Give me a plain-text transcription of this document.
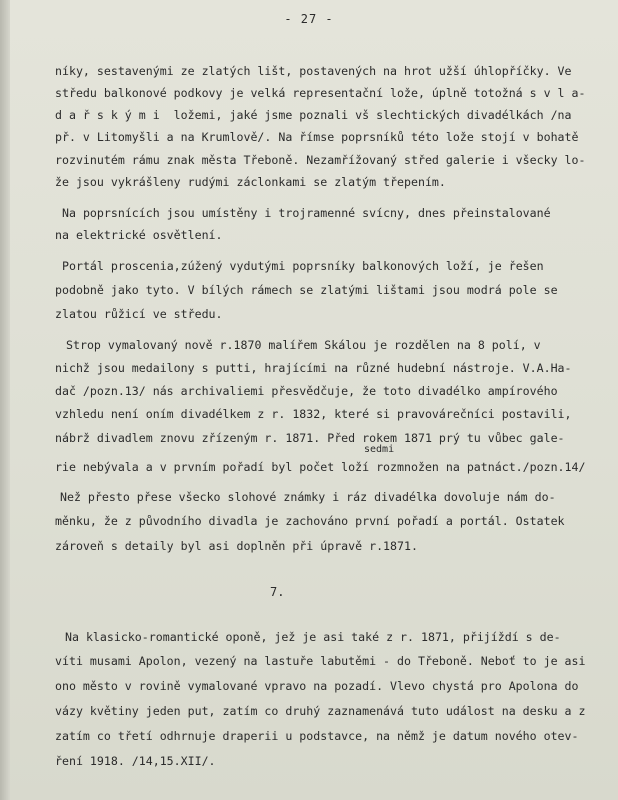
- 27 -
níky, sestavenými ze zlatých lišt, postavených na hrot užší úhlopříčky. Ve
středu balkonové podkovy je velká representační lože, úplně totožná s v l a-
d a ř s k ý m i  ložemi, jaké jsme poznali vš slechtických divadélkách /na
př. v Litomyšli a na Krumlově/. Na římse poprsníků této lože stojí v bohatě
rozvinutém rámu znak města Třeboně. Nezamřížovaný střed galerie i všecky lo-
že jsou vykrášleny rudými záclonkami se zlatým třepením.
Na poprsnících jsou umístěny i trojramenné svícny, dnes přeinstalované
na elektrické osvětlení.
Portál proscenia,zúžený vydutými poprsníky balkonových loží, je řešen
podobně jako tyto. V bílých rámech se zlatými lištami jsou modrá pole se
zlatou růžicí ve středu.
Strop vymalovaný nově r.1870 malířem Skálou je rozdělen na 8 polí, v
nichž jsou medailony s putti, hrajícími na různé hudební nástroje. V.A.Ha-
dač /pozn.13/ nás archivaliemi přesvědčuje, že toto divadélko ampírového
vzhledu není oním divadélkem z r. 1832, které si pravovárečníci postavili,
nábrž divadlem znovu zřízeným r. 1871. Před rokem 1871 prý tu vůbec gale-
sedmi
rie nebývala a v prvním pořadí byl počet loží rozmnožen na patnáct./pozn.14/
Než přesto přese všecko slohové známky i ráz divadélka dovoluje nám do-
měnku, že z původního divadla je zachováno první pořadí a portál. Ostatek
zároveň s detaily byl asi doplněn při úpravě r.1871.
7.
Na klasicko-romantické oponě, jež je asi také z r. 1871, přijíždí s de-
víti musami Apolon, vezený na lastuře labutěmi - do Třeboně. Neboť to je asi
ono město v rovině vymalované vpravo na pozadí. Vlevo chystá pro Apolona do
vázy květiny jeden put, zatím co druhý zaznamenává tuto událost na desku a z
zatím co třetí odhrnuje draperii u podstavce, na němž je datum nového otev-
ření 1918. /14,15.XII/.
